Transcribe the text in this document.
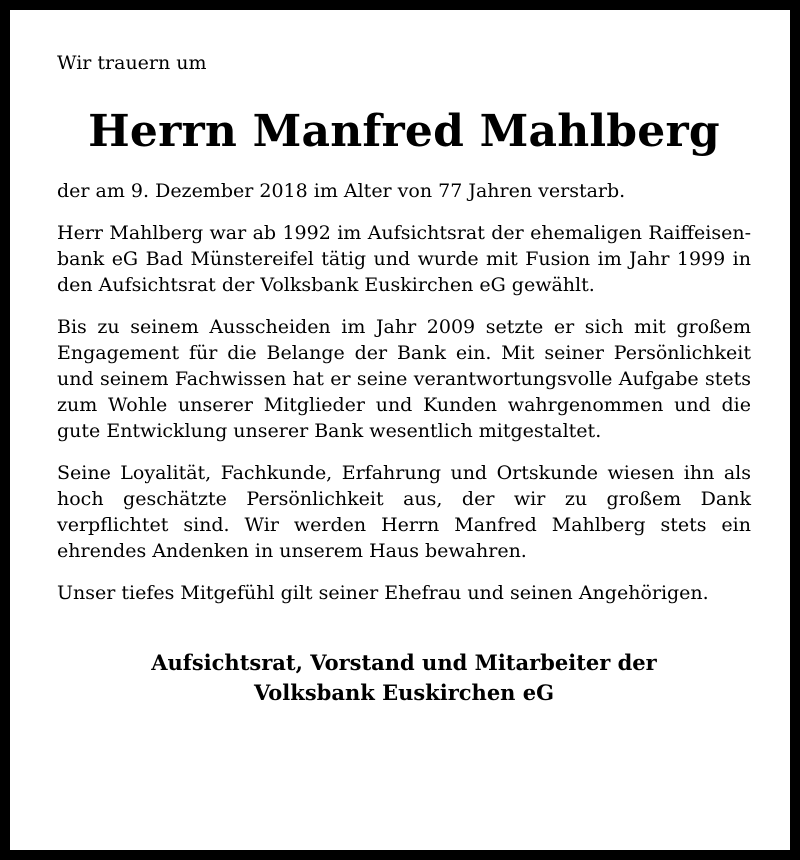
Wir trauern um

Herrn Manfred Mahlberg

der am 9. Dezember 2018 im Alter von 77 Jahren verstarb.

Herr Mahlberg war ab 1992 im Aufsichtsrat der ehemaligen Raiffeisenbank eG Bad Münstereifel tätig und wurde mit Fusion im Jahr 1999 in den Aufsichtsrat der Volksbank Euskirchen eG gewählt.

Bis zu seinem Ausscheiden im Jahr 2009 setzte er sich mit großem Engagement für die Belange der Bank ein. Mit seiner Persönlichkeit und seinem Fachwissen hat er seine verantwortungsvolle Aufgabe stets zum Wohle unserer Mitglieder und Kunden wahrgenommen und die gute Entwicklung unserer Bank wesentlich mitgestaltet.

Seine Loyalität, Fachkunde, Erfahrung und Ortskunde wiesen ihn als hoch geschätzte Persönlichkeit aus, der wir zu großem Dank verpflichtet sind. Wir werden Herrn Manfred Mahlberg stets ein ehrendes Andenken in unserem Haus bewahren.

Unser tiefes Mitgefühl gilt seiner Ehefrau und seinen Angehörigen.

Aufsichtsrat, Vorstand und Mitarbeiter der
Volksbank Euskirchen eG
